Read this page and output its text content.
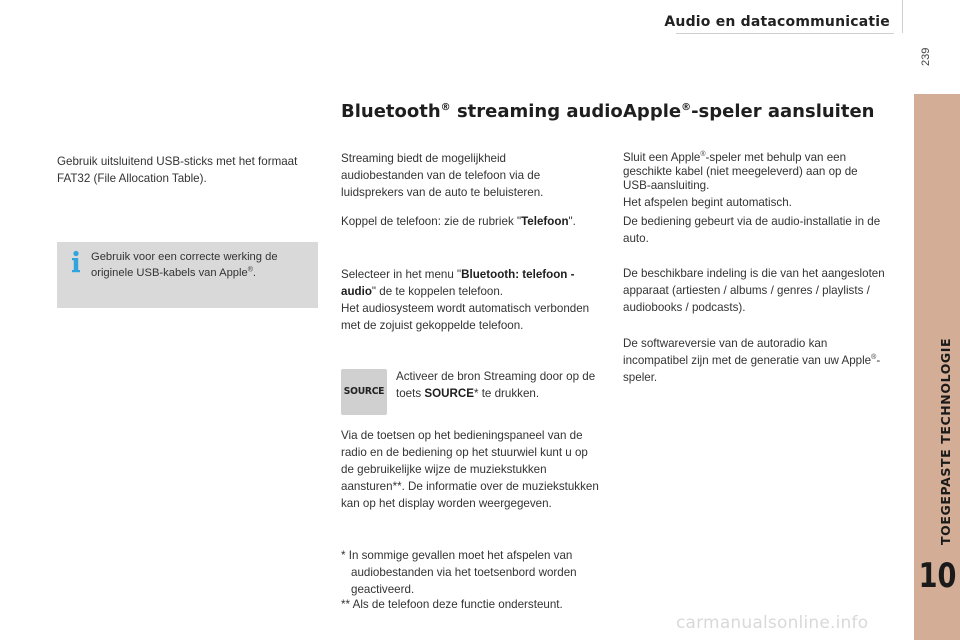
Audio en datacommunicatie
239
TOEGEPASTE TECHNOLOGIE
10

Gebruik uitsluitend USB-sticks met het formaat FAT32 (File Allocation Table).

Gebruik voor een correcte werking de originele USB-kabels van Apple®.

Bluetooth® streaming audio

Streaming biedt de mogelijkheid audiobestanden van de telefoon via de luidsprekers van de auto te beluisteren.

Koppel de telefoon: zie de rubriek "Telefoon".

Selecteer in het menu "Bluetooth: telefoon - audio" de te koppelen telefoon.
Het audiosysteem wordt automatisch verbonden met de zojuist gekoppelde telefoon.

SOURCE

Activeer de bron Streaming door op de toets SOURCE* te drukken.

Via de toetsen op het bedieningspaneel van de radio en de bediening op het stuurwiel kunt u op de gebruikelijke wijze de muziekstukken aansturen**. De informatie over de muziekstukken kan op het display worden weergegeven.

* In sommige gevallen moet het afspelen van
audiobestanden via het toetsenbord worden geactiveerd.

** Als de telefoon deze functie ondersteunt.

Apple®-speler aansluiten

Sluit een Apple®-speler met behulp van een geschikte kabel (niet meegeleverd) aan op de USB-aansluiting.

Het afspelen begint automatisch.

De bediening gebeurt via de audio-installatie in de auto.

De beschikbare indeling is die van het aangesloten apparaat (artiesten / albums / genres / playlists / audiobooks / podcasts).

De softwareversie van de autoradio kan incompatibel zijn met de generatie van uw Apple®-speler.

carmanualsonline.info
